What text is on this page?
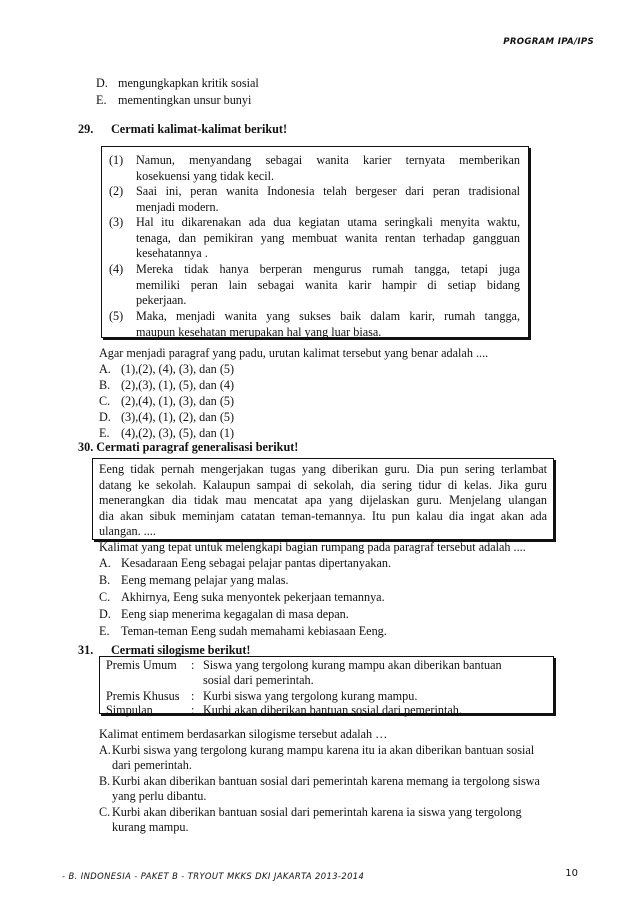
PROGRAM IPA/IPS
D. mengungkapkan kritik sosial
E. mementingkan unsur bunyi
29. Cermati kalimat-kalimat berikut!
(1) Namun, menyandang sebagai wanita karier ternyata memberikan
kosekuensi yang tidak kecil.
(2) Saai ini, peran wanita Indonesia telah bergeser dari peran tradisional
menjadi modern.
(3) Hal itu dikarenakan ada dua kegiatan utama seringkali menyita waktu,
tenaga, dan pemikiran yang membuat wanita rentan terhadap gangguan
kesehatannya .
(4) Mereka tidak hanya berperan mengurus rumah tangga, tetapi juga
memiliki peran lain sebagai wanita karir hampir di setiap bidang
pekerjaan.
(5) Maka, menjadi wanita yang sukses baik dalam karir, rumah tangga,
maupun kesehatan merupakan hal yang luar biasa.
Agar menjadi paragraf yang padu, urutan kalimat tersebut yang benar adalah ....
A. (1),(2), (4), (3), dan (5)
B. (2),(3), (1), (5), dan (4)
C. (2),(4), (1), (3), dan (5)
D. (3),(4), (1), (2), dan (5)
E. (4),(2), (3), (5), dan (1)
30. Cermati paragraf generalisasi berikut!
Eeng tidak pernah mengerjakan tugas yang diberikan guru. Dia pun sering terlambat
datang ke sekolah. Kalaupun sampai di sekolah, dia sering tidur di kelas. Jika guru
menerangkan dia tidak mau mencatat apa yang dijelaskan guru. Menjelang ulangan
dia akan sibuk meminjam catatan teman-temannya. Itu pun kalau dia ingat akan ada
ulangan. ....
Kalimat yang tepat untuk melengkapi bagian rumpang pada paragraf tersebut adalah ....
A. Kesadaraan Eeng sebagai pelajar pantas dipertanyakan.
B. Eeng memang pelajar yang malas.
C. Akhirnya, Eeng suka menyontek pekerjaan temannya.
D. Eeng siap menerima kegagalan di masa depan.
E. Teman-teman Eeng sudah memahami kebiasaan Eeng.
31. Cermati silogisme berikut!
Premis Umum : Siswa yang tergolong kurang mampu akan diberikan bantuan
sosial dari pemerintah.
Premis Khusus : Kurbi siswa yang tergolong kurang mampu.
Simpulan	: Kurbi akan diberikan bantuan sosial dari pemerintah.
Kalimat entimem berdasarkan silogisme tersebut adalah …
A.Kurbi siswa yang tergolong kurang mampu karena itu ia akan diberikan bantuan sosial
dari pemerintah.
B. Kurbi akan diberikan bantuan sosial dari pemerintah karena memang ia tergolong siswa
yang perlu dibantu.
C. Kurbi akan diberikan bantuan sosial dari pemerintah karena ia siswa yang tergolong
kurang mampu.
- B. INDONESIA - PAKET B - TRYOUT MKKS DKI JAKARTA 2013-2014	10
